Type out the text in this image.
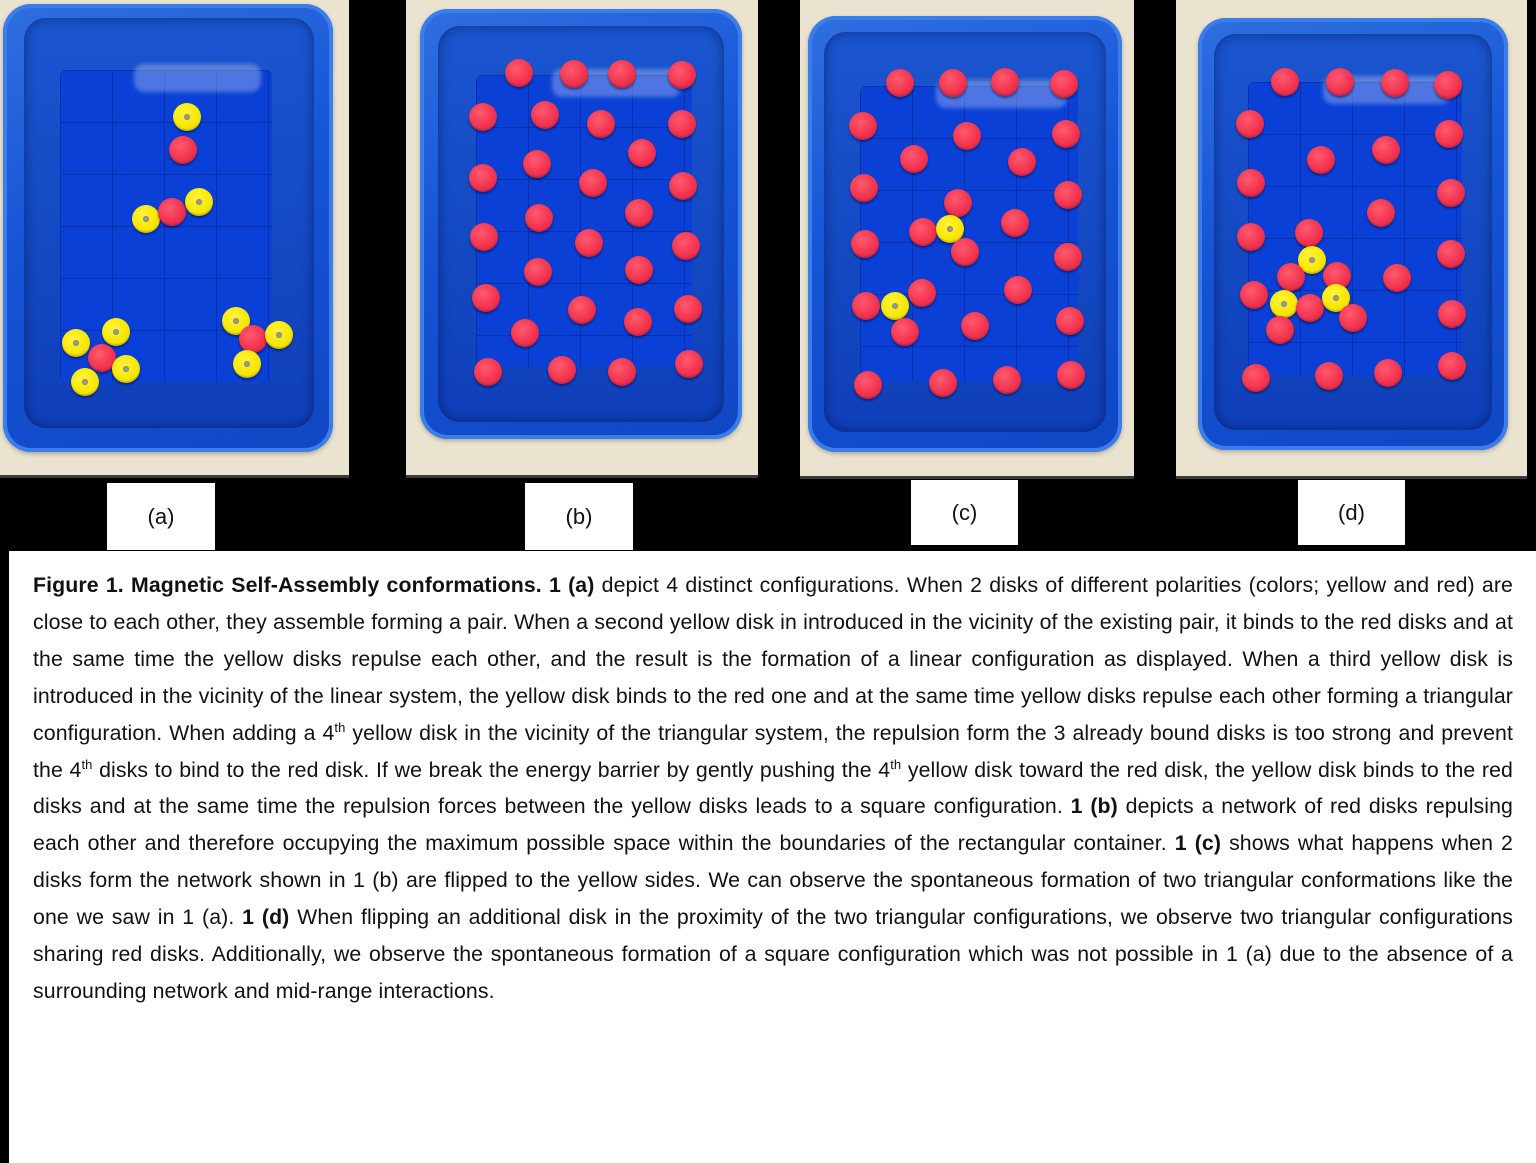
(a)	(b)	(c)	(d)

Figure 1. Magnetic Self-Assembly conformations. 1 (a) depict 4 distinct configurations. When 2 disks of different polarities (colors; yellow and red) are close to each other, they assemble forming a pair. When a second yellow disk in introduced in the vicinity of the existing pair, it binds to the red disks and at the same time the yellow disks repulse each other, and the result is the formation of a linear configuration as displayed. When a third yellow disk is introduced in the vicinity of the linear system, the yellow disk binds to the red one and at the same time yellow disks repulse each other forming a triangular configuration. When adding a 4th yellow disk in the vicinity of the triangular system, the repulsion form the 3 already bound disks is too strong and prevent the 4th disks to bind to the red disk. If we break the energy barrier by gently pushing the 4th yellow disk toward the red disk, the yellow disk binds to the red disks and at the same time the repulsion forces between the yellow disks leads to a square configuration. 1 (b) depicts a network of red disks repulsing each other and therefore occupying the maximum possible space within the boundaries of the rectangular container. 1 (c) shows what happens when 2 disks form the network shown in 1 (b) are flipped to the yellow sides. We can observe the spontaneous formation of two triangular conformations like the one we saw in 1 (a). 1 (d) When flipping an additional disk in the proximity of the two triangular configurations, we observe two triangular configurations sharing red disks. Additionally, we observe the spontaneous formation of a square configuration which was not possible in 1 (a) due to the absence of a surrounding network and mid-range interactions.
